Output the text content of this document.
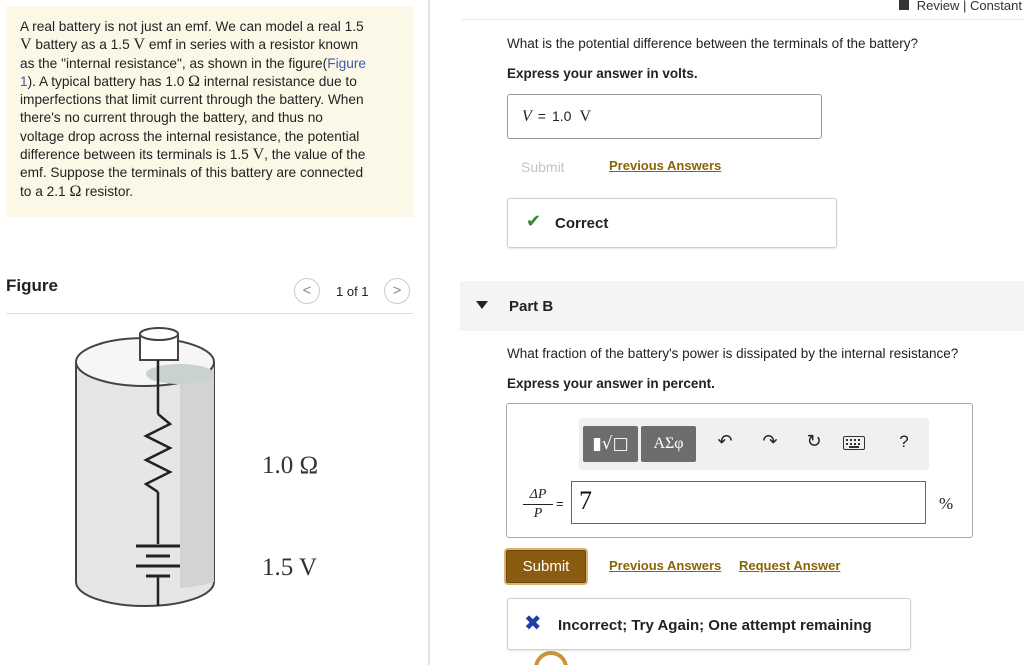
A real battery is not just an emf. We can model a real 1.5
V battery as a 1.5 V emf in series with a resistor known
as the "internal resistance", as shown in the figure(Figure
1). A typical battery has 1.0 Ω internal resistance due to
imperfections that limit current through the battery. When
there's no current through the battery, and thus no
voltage drop across the internal resistance, the potential
difference between its terminals is 1.5 V, the value of the
emf. Suppose the terminals of this battery are connected
to a 2.1 Ω resistor.
Figure	<	1 of 1	>
1.0 Ω
1.5 V
Review | Constant
What is the potential difference between the terminals of the battery?
Express your answer in volts.
V = 1.0 V
Submit	Previous Answers
✔ Correct
Part B
What fraction of the battery's power is dissipated by the internal resistance?
Express your answer in percent.
▮√□	ΑΣφ	↶	↷	↻	?
$\frac{\Delta P}{P} = 7$	%
Submit	Previous Answers Request Answer
✖ Incorrect; Try Again; One attempt remaining
